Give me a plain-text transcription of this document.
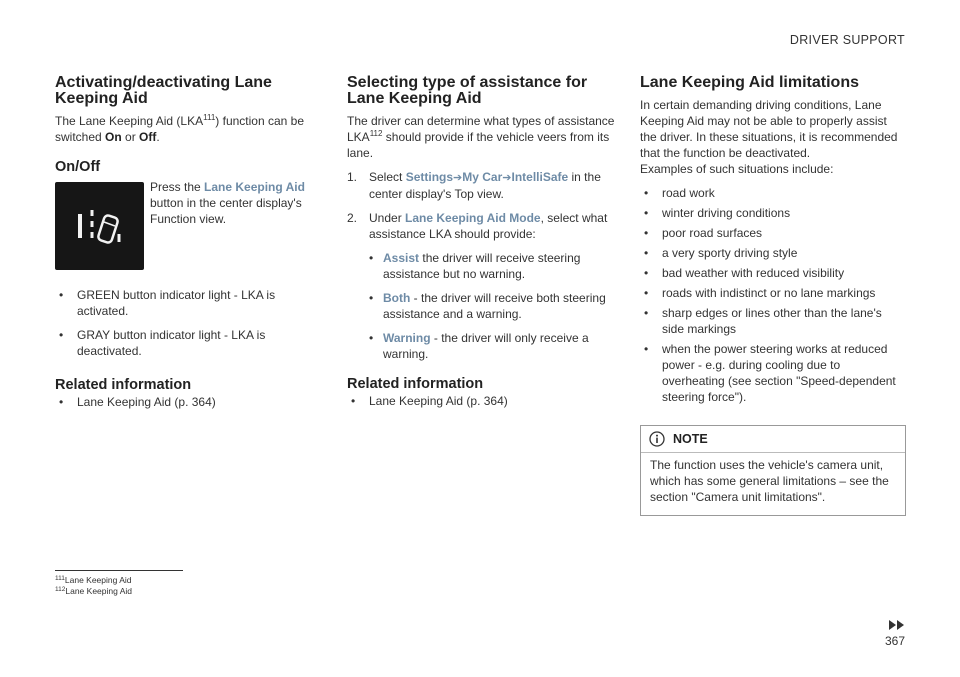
DRIVER SUPPORT

Activating/deactivating Lane Keeping Aid

The Lane Keeping Aid (LKA$^{111}$) function can be switched On or Off.

On/Off

Press the Lane Keeping Aid button in the center display's Function view.

• GREEN button indicator light - LKA is activated.

• GRAY button indicator light - LKA is deactivated.

Related information

• Lane Keeping Aid (p. 364)

Selecting type of assistance for Lane Keeping Aid

The driver can determine what types of assistance LKA$^{112}$ should provide if the vehicle veers from its lane.

1. Select Settings➔My Car➔IntelliSafe in the center display's Top view.

2. Under Lane Keeping Aid Mode, select what assistance LKA should provide:

• Assist the driver will receive steering assistance but no warning.

• Both - the driver will receive both steering assistance and a warning.

• Warning - the driver will only receive a warning.

Related information

• Lane Keeping Aid (p. 364)

Lane Keeping Aid limitations

In certain demanding driving conditions, Lane Keeping Aid may not be able to properly assist the driver. In these situations, it is recommended that the function be deactivated.

Examples of such situations include:

• road work

• winter driving conditions

• poor road surfaces

• a very sporty driving style

• bad weather with reduced visibility

• roads with indistinct or no lane markings

• sharp edges or lines other than the lane's side markings

• when the power steering works at reduced power - e.g. during cooling due to overheating (see section "Speed-dependent steering force").

NOTE
The function uses the vehicle's camera unit, which has some general limitations – see the section "Camera unit limitations".
$^{111}$Lane Keeping Aid
$^{112}$Lane Keeping Aid
367
